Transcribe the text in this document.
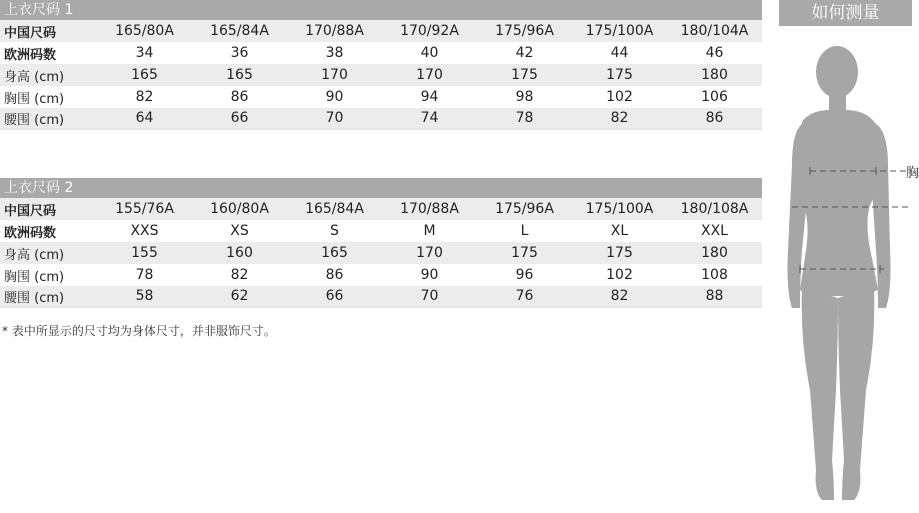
上衣尺码 1
中国尺码	165/80A	165/84A	170/88A	170/92A	175/96A	175/100A	180/104A
欧洲码数	34	36	38	40	42	44	46
身高 (cm)	165	165	170	170	175	175	180
胸围 (cm)	82	86	90	94	98	102	106
腰围 (cm)	64	66	70	74	78	82	86
上衣尺码 2
中国尺码	155/76A	160/80A	165/84A	170/88A	175/96A	175/100A	180/108A
欧洲码数	XXS	XS	S	M	L	XL	XXL
身高 (cm)	155	160	165	170	175	175	180
胸围 (cm)	78	82	86	90	96	102	108
腰围 (cm)	58	62	66	70	76	82	88
* 表中所显示的尺寸均为身体尺寸，并非服饰尺寸。
如何测量
胸
